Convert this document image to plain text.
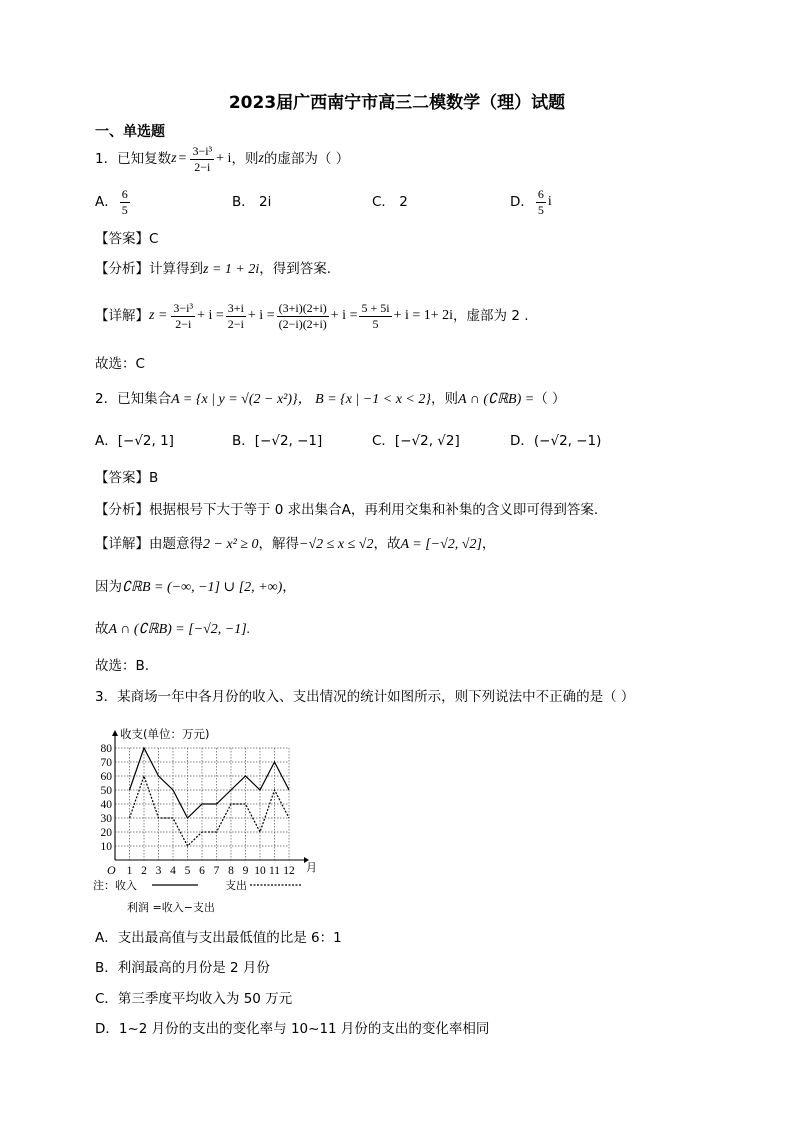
2023届广西南宁市高三二模数学（理）试题
一、单选题
1．已知复数 $z = \frac{\text{3−i³}}{2-i} + i$ ，则 z 的虚部为（ ）
A． $\frac{6}{5}$	B． 2i	C． 2	D． $\frac{6}{5}$ i
【答案】C
【分析】计算得到z = 1 + 2i，得到答案.
【详解】 $z = \frac{\text{3−i³}}{2-i} + i = \frac{3+i}{2-i} + i = \frac{(3+i)(2+i)}{(2-i)(2+i)} + i = \frac{5 + 5i}{5} + i = 1+ 2i$ ，虚部为 2 .
故选：C
2．已知集合A = {x | y = √(2 − x²)}， B = {x | −1 < x < 2}，则A ∩ (∁ℝB) =（ ）
A．[−√2, 1]	B．[−√2, −1]	C．[−√2, √2]	D．(−√2, −1)
【答案】B
【分析】根据根号下大于等于 0 求出集合A，再利用交集和补集的含义即可得到答案.
【详解】由题意得2 − x² ≥ 0，解得−√2 ≤ x ≤ √2，故A = [−√2, √2]，
因为∁ℝB = (−∞, −1] ∪ [2, +∞)，
故A ∩ (∁ℝB) = [−√2, −1].
故选：B.
3．某商场一年中各月份的收入、支出情况的统计如图所示，则下列说法中不正确的是（ ）
1 2 3 4 5 6 7 8 9 10 11 12
10
20
30
40
50
60
70
80
收支(单位：万元)
月
O
注：收入	支出
利润 =收入−支出
A．支出最高值与支出最低值的比是 6：1
B．利润最高的月份是 2 月份
C．第三季度平均收入为 50 万元
D．1~2 月份的支出的变化率与 10~11 月份的支出的变化率相同
